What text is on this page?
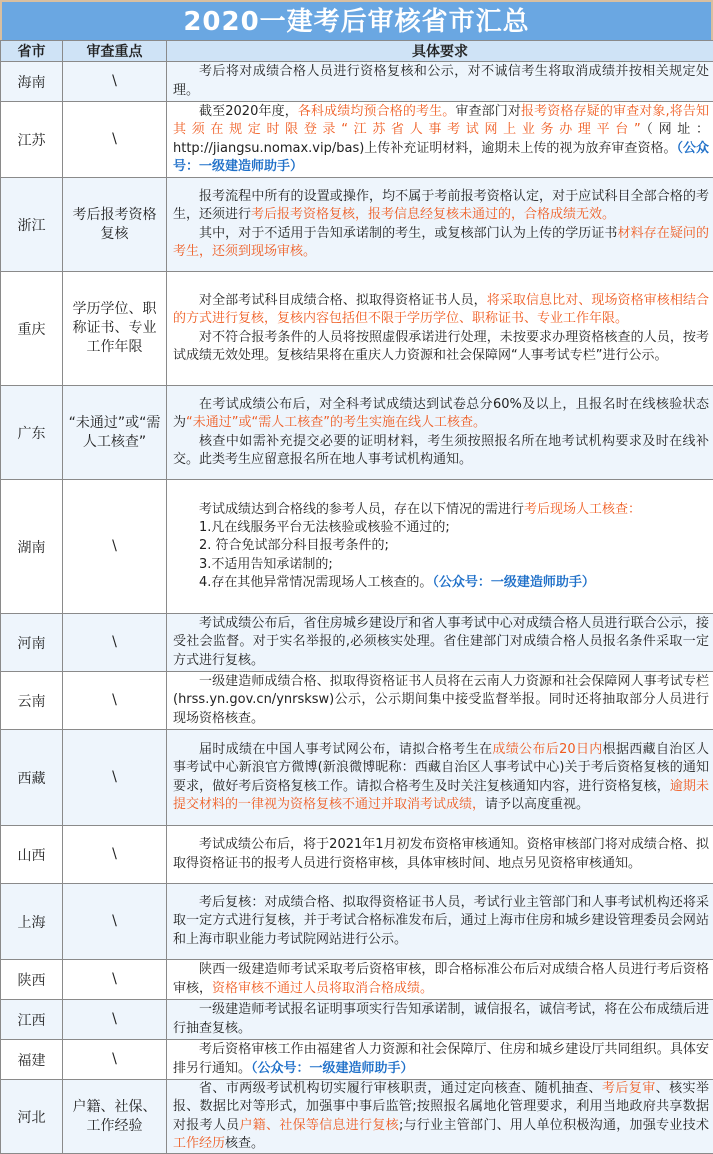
2020一建考后审核省市汇总
省市	审查重点	具体要求
海南	\	考后将对成绩合格人员进行资格复核和公示，对不诚信考生将取消成绩并按相关规定处理。

江苏	\	截至2020年度，各科成绩均预合格的考生。审查部门对报考资格存疑的审查对象,将告知其须在规定时限登录“江苏省人事考试网上业务办理平台”（网址：http://jiangsu.nomax.vip/bas)上传补充证明材料，逾期未上传的视为放弃审查资格。（公众号：一级建造师助手）

浙江	考后报考资格复核	报考流程中所有的设置或操作，均不属于考前报考资格认定，对于应试科目全部合格的考生，还须进行考后报考资格复核，报考信息经复核未通过的，合格成绩无效。

其中，对于不适用于告知承诺制的考生，或复核部门认为上传的学历证书材料存在疑问的考生，还须到现场审核。

重庆	学历学位、职称证书、专业工作年限	对全部考试科目成绩合格、拟取得资格证书人员，将采取信息比对、现场资格审核相结合的方式进行复核，复核内容包括但不限于学历学位、职称证书、专业工作年限。

对不符合报考条件的人员将按照虚假承诺进行处理，未按要求办理资格核查的人员，按考试成绩无效处理。复核结果将在重庆人力资源和社会保障网“人事考试专栏”进行公示。

广东	“未通过”或“需人工核查”	在考试成绩公布后，对全科考试成绩达到试卷总分60%及以上，且报名时在线核验状态为“未通过”或“需人工核查”的考生实施在线人工核查。

核查中如需补充提交必要的证明材料，考生须按照报名所在地考试机构要求及时在线补交。此类考生应留意报名所在地人事考试机构通知。

湖南	\	考试成绩达到合格线的参考人员，存在以下情况的需进行考后现场人工核查：

1.凡在线服务平台无法核验或核验不通过的;

2. 符合免试部分科目报考条件的;

3.不适用告知承诺制的;

4.存在其他异常情况需现场人工核查的。（公众号：一级建造师助手）

河南	\	考试成绩公布后，省住房城乡建设厅和省人事考试中心对成绩合格人员进行联合公示，接受社会监督。对于实名举报的,必须核实处理。省住建部门对成绩合格人员报名条件采取一定方式进行复核。

云南	\	一级建造师成绩合格、拟取得资格证书人员将在云南人力资源和社会保障网人事考试专栏(hrss.yn.gov.cn/ynrsksw)公示，公示期间集中接受监督举报。同时还将抽取部分人员进行现场资格核查。

西藏	\	届时成绩在中国人事考试网公布，请拟合格考生在成绩公布后20日内根据西藏自治区人事考试中心新浪官方微博(新浪微博昵称：西藏自治区人事考试中心)关于考后资格复核的通知要求，做好考后资格复核工作。请拟合格考生及时关注复核通知内容，进行资格复核，逾期未提交材料的一律视为资格复核不通过并取消考试成绩，请予以高度重视。

山西	\	考试成绩公布后，将于2021年1月初发布资格审核通知。资格审核部门将对成绩合格、拟取得资格证书的报考人员进行资格审核，具体审核时间、地点另见资格审核通知。

上海	\	考后复核：对成绩合格、拟取得资格证书人员，考试行业主管部门和人事考试机构还将采取一定方式进行复核，并于考试合格标准发布后，通过上海市住房和城乡建设管理委员会网站和上海市职业能力考试院网站进行公示。

陕西	\	陕西一级建造师考试采取考后资格审核，即合格标准公布后对成绩合格人员进行考后资格审核，资格审核不通过人员将取消合格成绩。

江西	\	一级建造师考试报名证明事项实行告知承诺制，诚信报名，诚信考试，将在公布成绩后进行抽查复核。

福建	\	考后资格审核工作由福建省人力资源和社会保障厅、住房和城乡建设厅共同组织。具体安排另行通知。（公众号：一级建造师助手）

河北	户籍、社保、工作经验	省、市两级考试机构切实履行审核职责，通过定向核查、随机抽查、考后复审、核实举报、数据比对等形式，加强事中事后监管;按照报名属地化管理要求，利用当地政府共享数据对报考人员户籍、社保等信息进行复核;与行业主管部门、用人单位积极沟通，加强专业技术工作经历核查。
